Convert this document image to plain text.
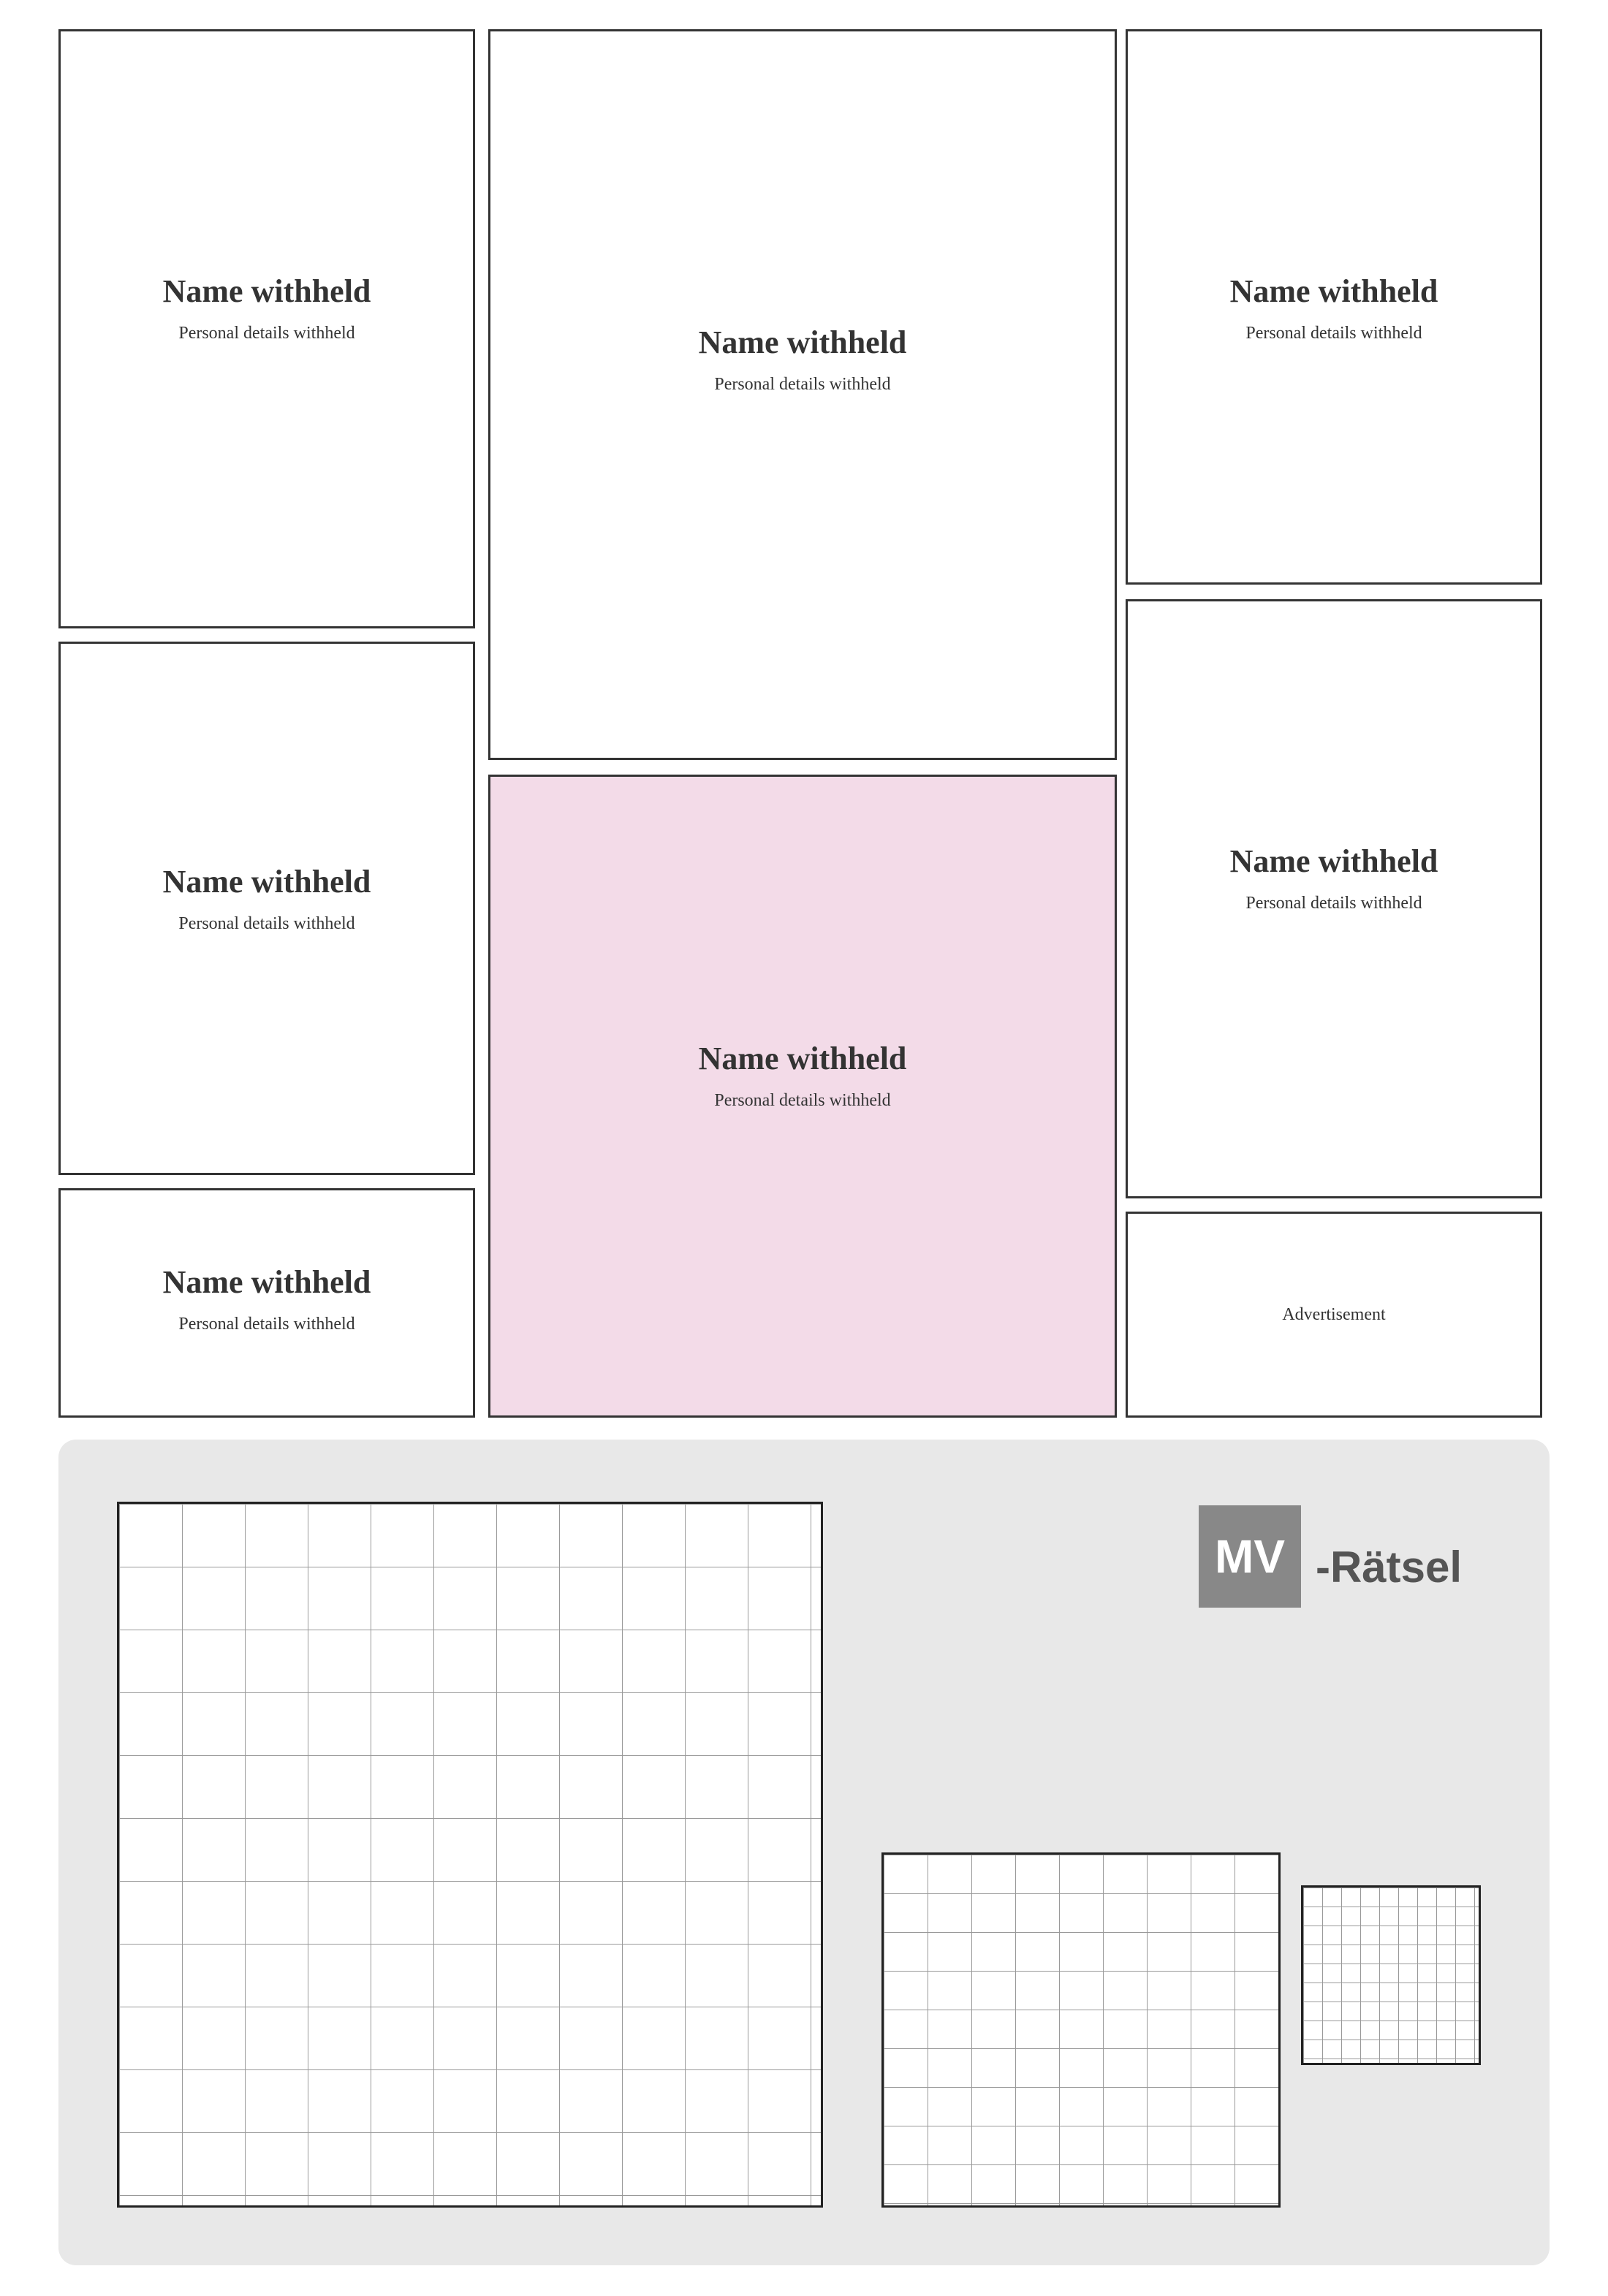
Name withheld
Personal details withheld	Name withheld
Personal details withheld
Name withheld
Personal details withheld
Name withheld
Personal details withheld
Name withheld
Personal details withheld
Name withheld
Personal details withheld
Name withheld
Personal details withheld	Advertisement
MV -Rätsel
